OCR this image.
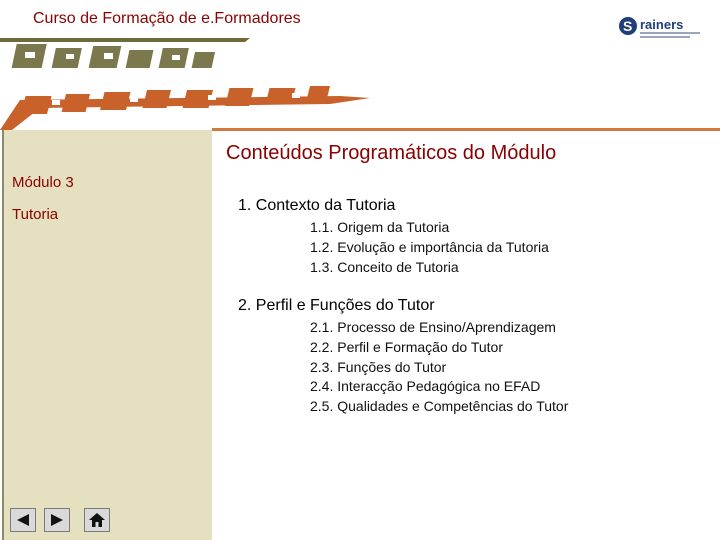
Curso de Formação de e.Formadores	S rainers
Módulo 3
Tutoria
Conteúdos Programáticos do Módulo
1. Contexto da Tutoria
1.1. Origem da Tutoria
1.2. Evolução e importância da Tutoria
1.3. Conceito de Tutoria
2. Perfil e Funções do Tutor
2.1. Processo de Ensino/Aprendizagem
2.2. Perfil e Formação do Tutor
2.3. Funções do Tutor
2.4. Interacção Pedagógica no EFAD
2.5. Qualidades e Competências do Tutor
